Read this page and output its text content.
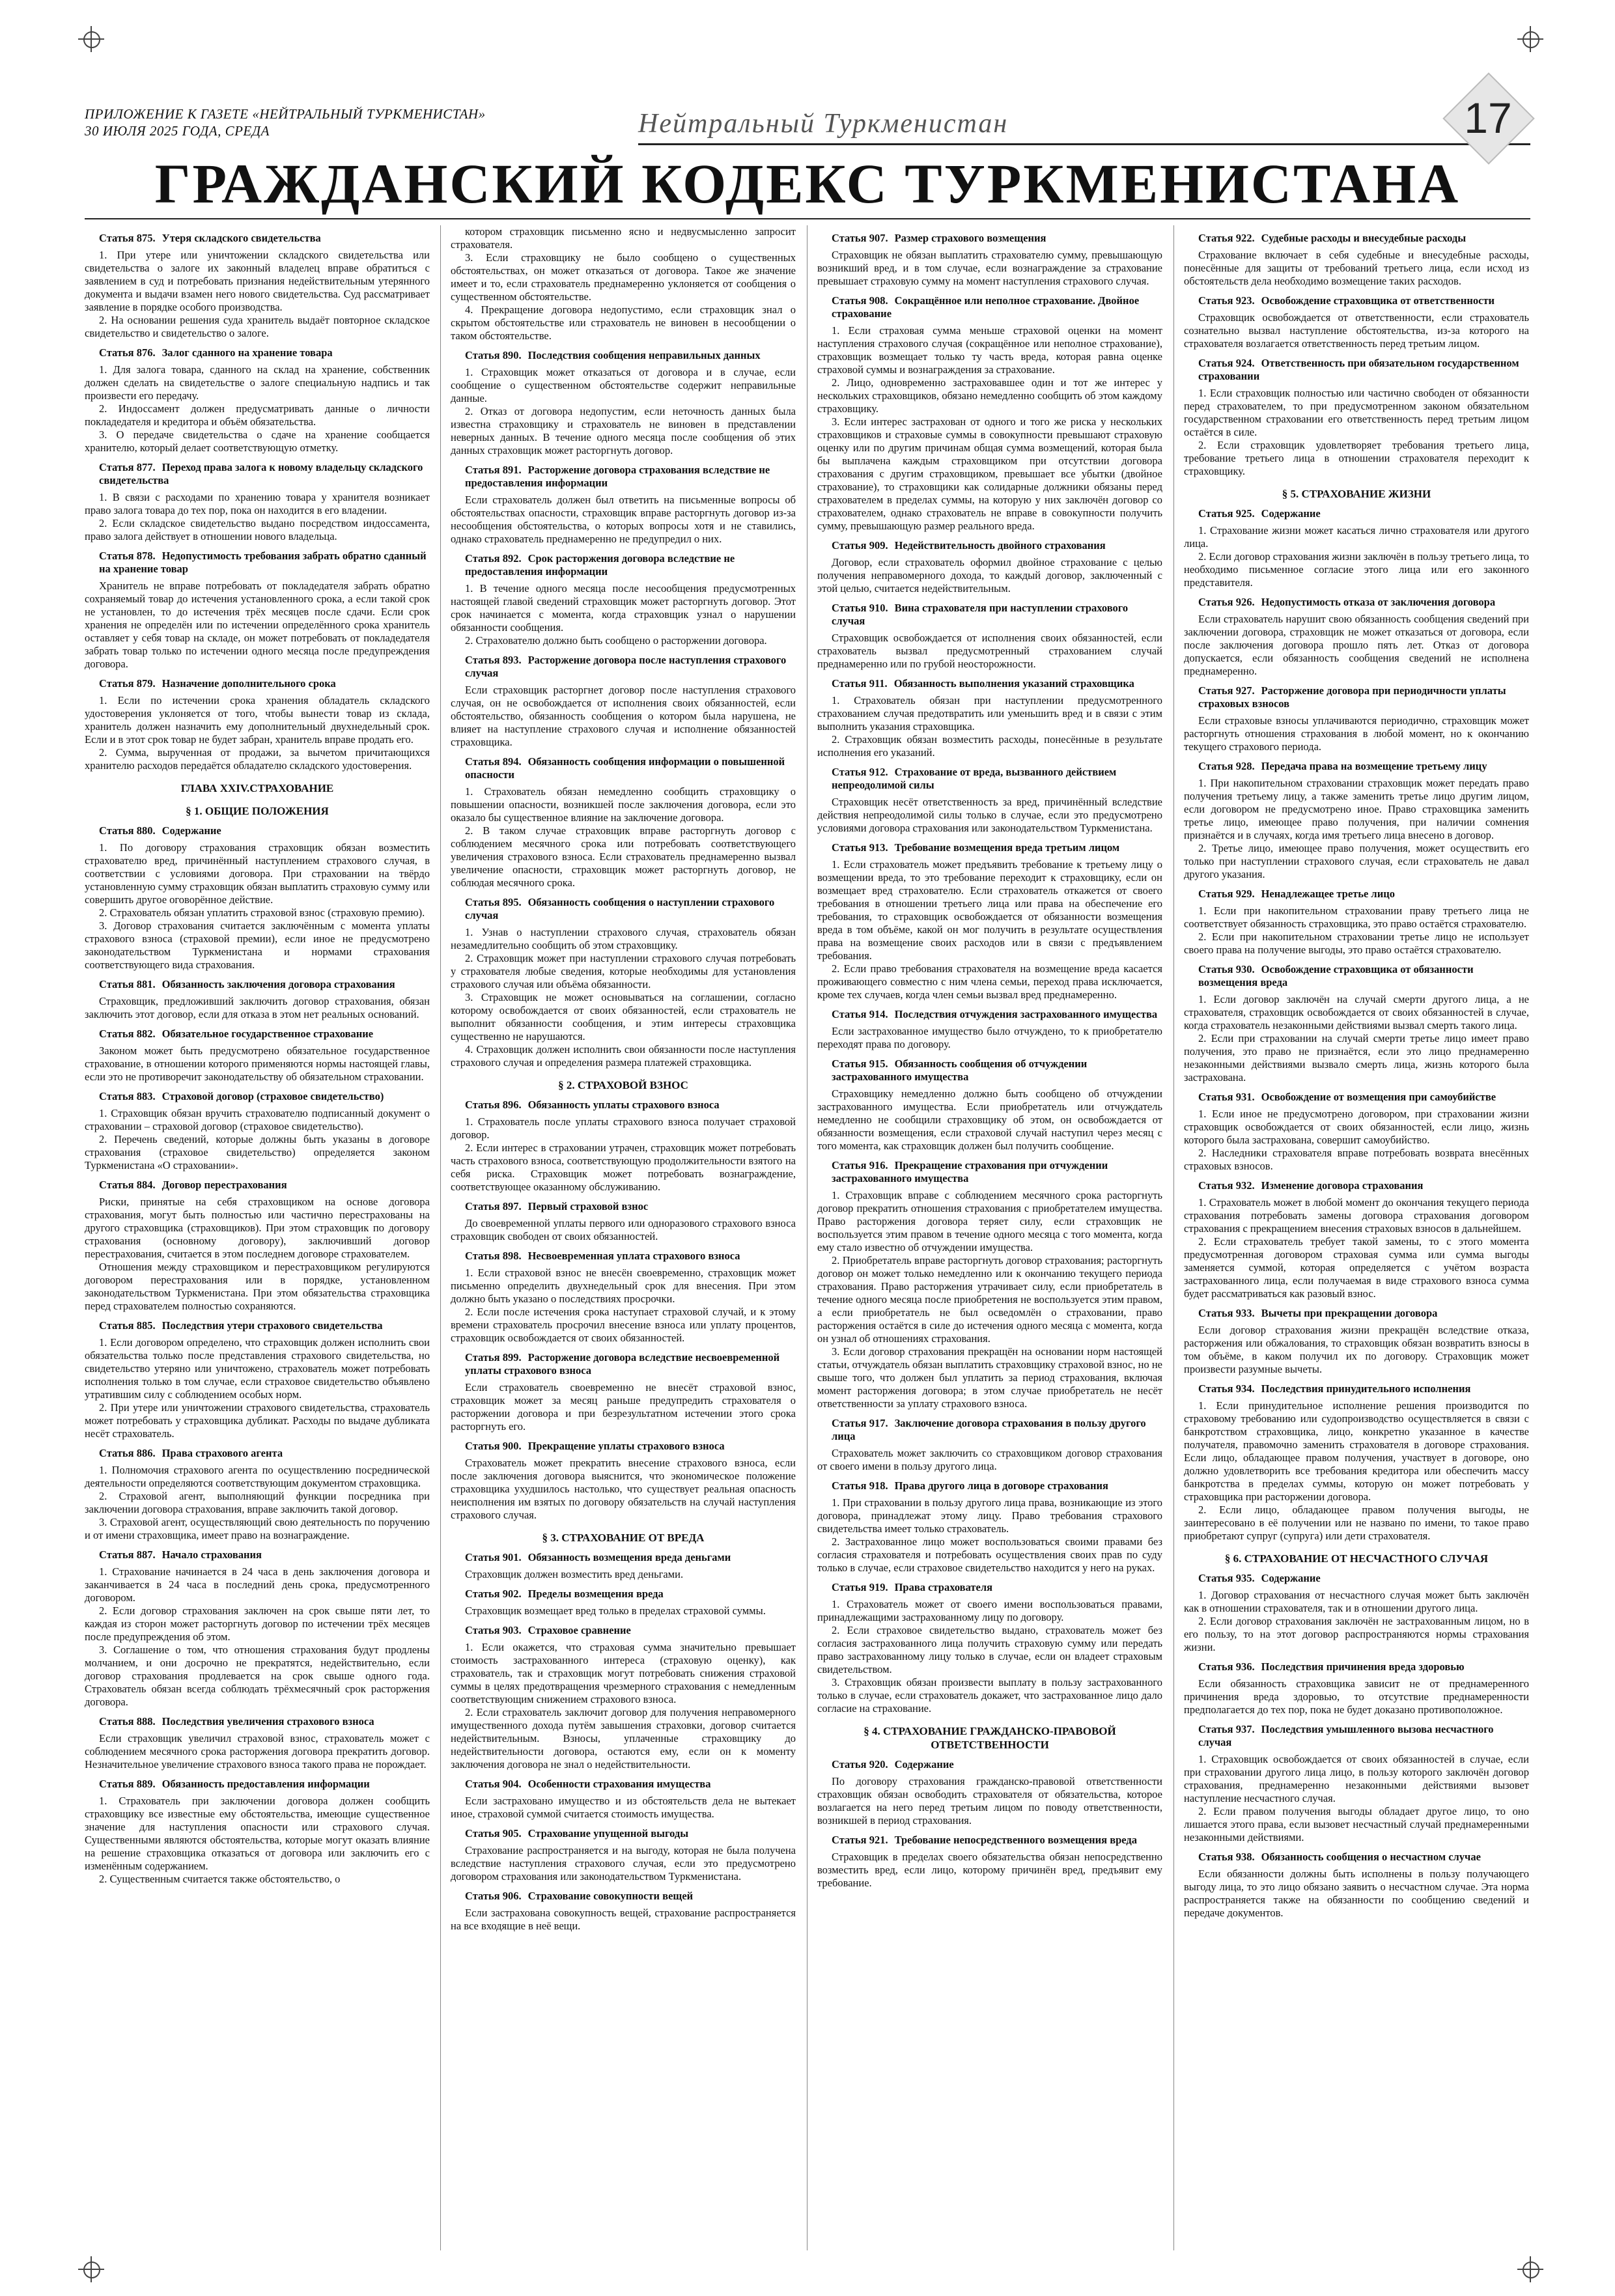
ПРИЛОЖЕНИЕ К ГАЗЕТЕ «НЕЙТРАЛЬНЫЙ ТУРКМЕНИСТАН»
30 ИЮЛЯ 2025 ГОДА, СРЕДА	Нейтральный Туркменистан	17
ГРАЖДАНСКИЙ КОДЕКС ТУРКМЕНИСТАНА
Статья 875. Утеря складского свидетельства
1. При утере или уничтожении складского свидетельства или свидетельства о залоге их законный владелец вправе обратиться с заявлением в суд и потребовать признания недействительным утерянного документа и выдачи взамен него нового свидетельства. Суд рассматривает заявление в порядке особого производства.
2. На основании решения суда хранитель выдаёт повторное складское свидетельство и свидетельство о залоге.
Статья 876. Залог сданного на хранение товара
1. Для залога товара, сданного на склад на хранение, собственник должен сделать на свидетельстве о залоге специальную надпись и так произвести его передачу.
2. Индоссамент должен предусматривать данные о личности покладедателя и кредитора и объём обязательства.
3. О передаче свидетельства о сдаче на хранение сообщается хранителю, который делает соответствующую отметку.
Статья 877. Переход права залога к новому владельцу складского свидетельства
1. В связи с расходами по хранению товара у хранителя возникает право залога товара до тех пор, пока он находится в его владении.
2. Если складское свидетельство выдано посредством индоссамента, право залога действует в отношении нового владельца.
Статья 878. Недопустимость требования забрать обратно сданный на хранение товар
Хранитель не вправе потребовать от покладедателя забрать обратно сохраняемый товар до истечения установленного срока, а если такой срок не установлен, то до истечения трёх месяцев после сдачи. Если срок хранения не определён или по истечении определённого срока хранитель оставляет у себя товар на складе, он может потребовать от покладедателя забрать товар только по истечении одного месяца после предупреждения договора.
Статья 879. Назначение дополнительного срока
1. Если по истечении срока хранения обладатель складского удостоверения уклоняется от того, чтобы вынести товар из склада, хранитель должен назначить ему дополнительный двухнедельный срок. Если и в этот срок товар не будет забран, хранитель вправе продать его.
2. Сумма, вырученная от продажи, за вычетом причитающихся хранителю расходов передаётся обладателю складского удостоверения.
ГЛАВА XXIV.СТРАХОВАНИЕ
§ 1. ОБЩИЕ ПОЛОЖЕНИЯ
Статья 880. Содержание
1. По договору страхования страховщик обязан возместить страхователю вред, причинённый наступлением страхового случая, в соответствии с условиями договора. При страховании на твёрдо установленную сумму страховщик обязан выплатить страховую сумму или совершить другое оговорённое действие.
2. Страхователь обязан уплатить страховой взнос (страховую премию).
3. Договор страхования считается заключённым с момента уплаты страхового взноса (страховой премии), если иное не предусмотрено законодательством Туркменистана и нормами страхования соответствующего вида страхования.
Статья 881. Обязанность заключения договора страхования
Страховщик, предложивший заключить договор страхования, обязан заключить этот договор, если для отказа в этом нет реальных оснований.
Статья 882. Обязательное государственное страхование
Законом может быть предусмотрено обязательное государственное страхование, в отношении которого применяются нормы настоящей главы, если это не противоречит законодательству об обязательном страховании.
Статья 883. Страховой договор (страховое свидетельство)
1. Страховщик обязан вручить страхователю подписанный документ о страховании – страховой договор (страховое свидетельство).
2. Перечень сведений, которые должны быть указаны в договоре страхования (страховое свидетельство) определяется законом Туркменистана «О страховании».
Статья 884. Договор перестрахования
Риски, принятые на себя страховщиком на основе договора страхования, могут быть полностью или частично перестрахованы на другого страховщика (страховщиков). При этом страховщик по договору страхования (основному договору), заключивший договор перестрахования, считается в этом последнем договоре страхователем.
Отношения между страховщиком и перестраховщиком регулируются договором перестрахования или в порядке, установленном законодательством Туркменистана. При этом обязательства страховщика перед страхователем полностью сохраняются.
Статья 885. Последствия утери страхового свидетельства
1. Если договором определено, что страховщик должен исполнить свои обязательства только после представления страхового свидетельства, но свидетельство утеряно или уничтожено, страхователь может потребовать исполнения только в том случае, если страховое свидетельство объявлено утратившим силу с соблюдением особых норм.
2. При утере или уничтожении страхового свидетельства, страхователь может потребовать у страховщика дубликат. Расходы по выдаче дубликата несёт страхователь.
Статья 886. Права страхового агента
1. Полномочия страхового агента по осуществлению посреднической деятельности определяются соответствующим документом страховщика.
2. Страховой агент, выполняющий функции посредника при заключении договора страхования, вправе заключить такой договор.
3. Страховой агент, осуществляющий свою деятельность по поручению и от имени страховщика, имеет право на вознаграждение.
Статья 887. Начало страхования
1. Страхование начинается в 24 часа в день заключения договора и заканчивается в 24 часа в последний день срока, предусмотренного договором.
2. Если договор страхования заключен на срок свыше пяти лет, то каждая из сторон может расторгнуть договор по истечении трёх месяцев после предупреждения об этом.
3. Соглашение о том, что отношения страхования будут продлены молчанием, и они досрочно не прекратятся, недействительно, если договор страхования продлевается на срок свыше одного года. Страхователь обязан всегда соблюдать трёхмесячный срок расторжения договора.
Статья 888. Последствия увеличения страхового взноса
Если страховщик увеличил страховой взнос, страхователь может с соблюдением месячного срока расторжения договора прекратить договор. Незначительное увеличение страхового взноса такого права не порождает.
Статья 889. Обязанность предоставления информации
1. Страхователь при заключении договора должен сообщить страховщику все известные ему обстоятельства, имеющие существенное значение для наступления опасности или страхового случая. Существенными являются обстоятельства, которые могут оказать влияние на решение страховщика отказаться от договора или заключить его с изменённым содержанием.
2. Существенным считается также обстоятельство, о
котором страховщик письменно ясно и недвусмысленно запросит страхователя.
3. Если страховщику не было сообщено о существенных обстоятельствах, он может отказаться от договора. Такое же значение имеет и то, если страхователь преднамеренно уклоняется от сообщения о существенном обстоятельстве.
4. Прекращение договора недопустимо, если страховщик знал о скрытом обстоятельстве или страхователь не виновен в несообщении о таком обстоятельстве.
Статья 890. Последствия сообщения неправильных данных
1. Страховщик может отказаться от договора и в случае, если сообщение о существенном обстоятельстве содержит неправильные данные.
2. Отказ от договора недопустим, если неточность данных была известна страховщику и страхователь не виновен в представлении неверных данных. В течение одного месяца после сообщения об этих данных страховщик может расторгнуть договор.
Статья 891. Расторжение договора страхования вследствие не предоставления информации
Если страхователь должен был ответить на письменные вопросы об обстоятельствах опасности, страховщик вправе расторгнуть договор из-за несообщения обстоятельства, о которых вопросы хотя и не ставились, однако страхователь преднамеренно не предупредил о них.
Статья 892. Срок расторжения договора вследствие не предоставления информации
1. В течение одного месяца после несообщения предусмотренных настоящей главой сведений страховщик может расторгнуть договор. Этот срок начинается с момента, когда страховщик узнал о нарушении обязанности сообщения.
2. Страхователю должно быть сообщено о расторжении договора.
Статья 893. Расторжение договора после наступления страхового случая
Если страховщик расторгнет договор после наступления страхового случая, он не освобождается от исполнения своих обязанностей, если обстоятельство, обязанность сообщения о котором была нарушена, не влияет на наступление страхового случая и исполнение обязанностей страховщика.
Статья 894. Обязанность сообщения информации о повышенной опасности
1. Страхователь обязан немедленно сообщить страховщику о повышении опасности, возникшей после заключения договора, если это оказало бы существенное влияние на заключение договора.
2. В таком случае страховщик вправе расторгнуть договор с соблюдением месячного срока или потребовать соответствующего увеличения страхового взноса. Если страхователь преднамеренно вызвал увеличение опасности, страховщик может расторгнуть договор, не соблюдая месячного срока.
Статья 895. Обязанность сообщения о наступлении страхового случая
1. Узнав о наступлении страхового случая, страхователь обязан незамедлительно сообщить об этом страховщику.
2. Страховщик может при наступлении страхового случая потребовать у страхователя любые сведения, которые необходимы для установления страхового случая или объёма обязанности.
3. Страховщик не может основываться на соглашении, согласно которому освобождается от своих обязанностей, если страхователь не выполнит обязанности сообщения, и этим интересы страховщика существенно не нарушаются.
4. Страховщик должен исполнить свои обязанности после наступления страхового случая и определения размера платежей страховщика.
§ 2. СТРАХОВОЙ ВЗНОС
Статья 896. Обязанность уплаты страхового взноса
1. Страхователь после уплаты страхового взноса получает страховой договор.
2. Если интерес в страховании утрачен, страховщик может потребовать часть страхового взноса, соответствующую продолжительности взятого на себя риска. Страховщик может потребовать вознаграждение, соответствующее оказанному обслуживанию.
Статья 897. Первый страховой взнос
До своевременной уплаты первого или одноразового страхового взноса страховщик свободен от своих обязанностей.
Статья 898. Несвоевременная уплата страхового взноса
1. Если страховой взнос не внесён своевременно, страховщик может письменно определить двухнедельный срок для внесения. При этом должно быть указано о последствиях просрочки.
2. Если после истечения срока наступает страховой случай, и к этому времени страхователь просрочил внесение взноса или уплату процентов, страховщик освобождается от своих обязанностей.
Статья 899. Расторжение договора вследствие несвоевременной уплаты страхового взноса
Если страхователь своевременно не внесёт страховой взнос, страховщик может за месяц раньше предупредить страхователя о расторжении договора и при безрезультатном истечении этого срока расторгнуть его.
Статья 900. Прекращение уплаты страхового взноса
Страхователь может прекратить внесение страхового взноса, если после заключения договора выяснится, что экономическое положение страховщика ухудшилось настолько, что существует реальная опасность неисполнения им взятых по договору обязательств на случай наступления страхового случая.
§ 3. СТРАХОВАНИЕ ОТ ВРЕДА
Статья 901. Обязанность возмещения вреда деньгами
Страховщик должен возместить вред деньгами.
Статья 902. Пределы возмещения вреда
Страховщик возмещает вред только в пределах страховой суммы.
Статья 903. Страховое сравнение
1. Если окажется, что страховая сумма значительно превышает стоимость застрахованного интереса (страховую оценку), как страхователь, так и страховщик могут потребовать снижения страховой суммы в целях предотвращения чрезмерного страхования с немедленным соответствующим снижением страхового взноса.
2. Если страхователь заключит договор для получения неправомерного имущественного дохода путём завышения страховки, договор считается недействительным. Взносы, уплаченные страховщику до недействительности договора, остаются ему, если он к моменту заключения договора не знал о недействительности.
Статья 904. Особенности страхования имущества
Если застраховано имущество и из обстоятельств дела не вытекает иное, страховой суммой считается стоимость имущества.
Статья 905. Страхование упущенной выгоды
Страхование распространяется и на выгоду, которая не была получена вследствие наступления страхового случая, если это предусмотрено договором страхования или законодательством Туркменистана.
Статья 906. Страхование совокупности вещей
Если застрахована совокупность вещей, страхование распространяется на все входящие в неё вещи.
Статья 907. Размер страхового возмещения
Страховщик не обязан выплатить страхователю сумму, превышающую возникший вред, и в том случае, если вознаграждение за страхование превышает страховую сумму на момент наступления страхового случая.
Статья 908. Сокращённое или неполное страхование. Двойное страхование
1. Если страховая сумма меньше страховой оценки на момент наступления страхового случая (сокращённое или неполное страхование), страховщик возмещает только ту часть вреда, которая равна оценке страховой суммы и вознаграждения за страхование.
2. Лицо, одновременно застраховавшее один и тот же интерес у нескольких страховщиков, обязано немедленно сообщить об этом каждому страховщику.
3. Если интерес застрахован от одного и того же риска у нескольких страховщиков и страховые суммы в совокупности превышают страховую оценку или по другим причинам общая сумма возмещений, которая была бы выплачена каждым страховщиком при отсутствии договора страхования с другим страховщиком, превышает все убытки (двойное страхование), то страховщики как солидарные должники обязаны перед страхователем в пределах суммы, на которую у них заключён договор со страхователем, однако страхователь не вправе в совокупности получить сумму, превышающую размер реального вреда.
Статья 909. Недействительность двойного страхования
Договор, если страхователь оформил двойное страхование с целью получения неправомерного дохода, то каждый договор, заключенный с этой целью, считается недействительным.
Статья 910. Вина страхователя при наступлении страхового случая
Страховщик освобождается от исполнения своих обязанностей, если страхователь вызвал предусмотренный страхованием случай преднамеренно или по грубой неосторожности.
Статья 911. Обязанность выполнения указаний страховщика
1. Страхователь обязан при наступлении предусмотренного страхованием случая предотвратить или уменьшить вред и в связи с этим выполнить указания страховщика.
2. Страховщик обязан возместить расходы, понесённые в результате исполнения его указаний.
Статья 912. Страхование от вреда, вызванного действием непреодолимой силы
Страховщик несёт ответственность за вред, причинённый вследствие действия непреодолимой силы только в случае, если это предусмотрено условиями договора страхования или законодательством Туркменистана.
Статья 913. Требование возмещения вреда третьим лицом
1. Если страхователь может предъявить требование к третьему лицу о возмещении вреда, то это требование переходит к страховщику, если он возмещает вред страхователю. Если страхователь откажется от своего требования в отношении третьего лица или права на обеспечение его требования, то страховщик освобождается от обязанности возмещения вреда в том объёме, какой он мог получить в результате осуществления права на возмещение своих расходов или в связи с предъявлением требования.
2. Если право требования страхователя на возмещение вреда касается проживающего совместно с ним члена семьи, переход права исключается, кроме тех случаев, когда член семьи вызвал вред преднамеренно.
Статья 914. Последствия отчуждения застрахованного имущества
Если застрахованное имущество было отчуждено, то к приобретателю переходят права по договору.
Статья 915. Обязанность сообщения об отчуждении застрахованного имущества
Страховщику немедленно должно быть сообщено об отчуждении застрахованного имущества. Если приобретатель или отчуждатель немедленно не сообщили страховщику об этом, он освобождается от обязанности возмещения, если страховой случай наступил через месяц с того момента, как страховщик должен был получить сообщение.
Статья 916. Прекращение страхования при отчуждении застрахованного имущества
1. Страховщик вправе с соблюдением месячного срока расторгнуть договор прекратить отношения страхования с приобретателем имущества. Право расторжения договора теряет силу, если страховщик не воспользуется этим правом в течение одного месяца с того момента, когда ему стало известно об отчуждении имущества.
2. Приобретатель вправе расторгнуть договор страхования; расторгнуть договор он может только немедленно или к окончанию текущего периода страхования. Право расторжения утрачивает силу, если приобретатель в течение одного месяца после приобретения не воспользуется этим правом, а если приобретатель не был осведомлён о страховании, право расторжения остаётся в силе до истечения одного месяца с момента, когда он узнал об отношениях страхования.
3. Если договор страхования прекращён на основании норм настоящей статьи, отчуждатель обязан выплатить страховщику страховой взнос, но не свыше того, что должен был уплатить за период страхования, включая момент расторжения договора; в этом случае приобретатель не несёт ответственности за уплату страхового взноса.
Статья 917. Заключение договора страхования в пользу другого лица
Страхователь может заключить со страховщиком договор страхования от своего имени в пользу другого лица.
Статья 918. Права другого лица в договоре страхования
1. При страховании в пользу другого лица права, возникающие из этого договора, принадлежат этому лицу. Право требования страхового свидетельства имеет только страхователь.
2. Застрахованное лицо может воспользоваться своими правами без согласия страхователя и потребовать осуществления своих прав по суду только в случае, если страховое свидетельство находится у него на руках.
Статья 919. Права страхователя
1. Страхователь может от своего имени воспользоваться правами, принадлежащими застрахованному лицу по договору.
2. Если страховое свидетельство выдано, страхователь может без согласия застрахованного лица получить страховую сумму или передать право застрахованному лицу только в случае, если он владеет страховым свидетельством.
3. Страховщик обязан произвести выплату в пользу застрахованного только в случае, если страхователь докажет, что застрахованное лицо дало согласие на страхование.
§ 4. СТРАХОВАНИЕ ГРАЖДАНСКО-ПРАВОВОЙ ОТВЕТСТВЕННОСТИ
Статья 920. Содержание
По договору страхования гражданско-правовой ответственности страховщик обязан освободить страхователя от обязательства, которое возлагается на него перед третьим лицом по поводу ответственности, возникшей в период страхования.
Статья 921. Требование непосредственного возмещения вреда
Страховщик в пределах своего обязательства обязан непосредственно возместить вред, если лицо, которому причинён вред, предъявит ему требование.
Статья 922. Судебные расходы и внесудебные расходы
Страхование включает в себя судебные и внесудебные расходы, понесённые для защиты от требований третьего лица, если исход из обстоятельств дела необходимо возмещение таких расходов.
Статья 923. Освобождение страховщика от ответственности
Страховщик освобождается от ответственности, если страхователь сознательно вызвал наступление обстоятельства, из-за которого на страхователя возлагается ответственность перед третьим лицом.
Статья 924. Ответственность при обязательном государственном страховании
1. Если страховщик полностью или частично свободен от обязанности перед страхователем, то при предусмотренном законом обязательном государственном страховании его ответственность перед третьим лицом остаётся в силе.
2. Если страховщик удовлетворяет требования третьего лица, требование третьего лица в отношении страхователя переходит к страховщику.
§ 5. СТРАХОВАНИЕ ЖИЗНИ
Статья 925. Содержание
1. Страхование жизни может касаться лично страхователя или другого лица.
2. Если договор страхования жизни заключён в пользу третьего лица, то необходимо письменное согласие этого лица или его законного представителя.
Статья 926. Недопустимость отказа от заключения договора
Если страхователь нарушит свою обязанность сообщения сведений при заключении договора, страховщик не может отказаться от договора, если после заключения договора прошло пять лет. Отказ от договора допускается, если обязанность сообщения сведений не исполнена преднамеренно.
Статья 927. Расторжение договора при периодичности уплаты страховых взносов
Если страховые взносы уплачиваются периодично, страховщик может расторгнуть отношения страхования в любой момент, но к окончанию текущего страхового периода.
Статья 928. Передача права на возмещение третьему лицу
1. При накопительном страховании страховщик может передать право получения третьему лицу, а также заменить третье лицо другим лицом, если договором не предусмотрено иное. Право страховщика заменить третье лицо, имеющее право получения, при наличии сомнения признаётся и в случаях, когда имя третьего лица внесено в договор.
2. Третье лицо, имеющее право получения, может осуществить его только при наступлении страхового случая, если страхователь не давал другого указания.
Статья 929. Ненадлежащее третье лицо
1. Если при накопительном страховании праву третьего лица не соответствует обязанность страховщика, это право остаётся страхователю.
2. Если при накопительном страховании третье лицо не использует своего права на получение выгоды, это право остаётся страхователю.
Статья 930. Освобождение страховщика от обязанности возмещения вреда
1. Если договор заключён на случай смерти другого лица, а не страхователя, страховщик освобождается от своих обязанностей в случае, когда страхователь незаконными действиями вызвал смерть такого лица.
2. Если при страховании на случай смерти третье лицо имеет право получения, это право не признаётся, если это лицо преднамеренно незаконными действиями вызвало смерть лица, жизнь которого была застрахована.
Статья 931. Освобождение от возмещения при самоубийстве
1. Если иное не предусмотрено договором, при страховании жизни страховщик освобождается от своих обязанностей, если лицо, жизнь которого была застрахована, совершит самоубийство.
2. Наследники страхователя вправе потребовать возврата внесённых страховых взносов.
Статья 932. Изменение договора страхования
1. Страхователь может в любой момент до окончания текущего периода страхования потребовать замены договора страхования договором страхования с прекращением внесения страховых взносов в дальнейшем.
2. Если страхователь требует такой замены, то с этого момента предусмотренная договором страховая сумма или сумма выгоды заменяется суммой, которая определяется с учётом возраста застрахованного лица, если получаемая в виде страхового взноса сумма будет рассматриваться как разовый взнос.
Статья 933. Вычеты при прекращении договора
Если договор страхования жизни прекращён вследствие отказа, расторжения или обжалования, то страховщик обязан возвратить взносы в том объёме, в каком получил их по договору. Страховщик может произвести разумные вычеты.
Статья 934. Последствия принудительного исполнения
1. Если принудительное исполнение решения производится по страховому требованию или судопроизводство осуществляется в связи с банкротством страховщика, лицо, конкретно указанное в качестве получателя, правомочно заменить страхователя в договоре страхования. Если лицо, обладающее правом получения, участвует в договоре, оно должно удовлетворить все требования кредитора или обеспечить массу банкротства в пределах суммы, которую он может потребовать у страховщика при расторжении договора.
2. Если лицо, обладающее правом получения выгоды, не заинтересовано в её получении или не названо по имени, то такое право приобретают супруг (супруга) или дети страхователя.
§ 6. СТРАХОВАНИЕ ОТ НЕСЧАСТНОГО СЛУЧАЯ
Статья 935. Содержание
1. Договор страхования от несчастного случая может быть заключён как в отношении страхователя, так и в отношении другого лица.
2. Если договор страхования заключён не застрахованным лицом, но в его пользу, то на этот договор распространяются нормы страхования жизни.
Статья 936. Последствия причинения вреда здоровью
Если обязанность страховщика зависит не от преднамеренного причинения вреда здоровью, то отсутствие преднамеренности предполагается до тех пор, пока не будет доказано противоположное.
Статья 937. Последствия умышленного вызова несчастного случая
1. Страховщик освобождается от своих обязанностей в случае, если при страховании другого лица лицо, в пользу которого заключён договор страхования, преднамеренно незаконными действиями вызовет наступление несчастного случая.
2. Если правом получения выгоды обладает другое лицо, то оно лишается этого права, если вызовет несчастный случай преднамеренными незаконными действиями.
Статья 938. Обязанность сообщения о несчастном случае
Если обязанности должны быть исполнены в пользу получающего выгоду лица, то это лицо обязано заявить о несчастном случае. Эта норма распространяется также на обязанности по сообщению сведений и передаче документов.
